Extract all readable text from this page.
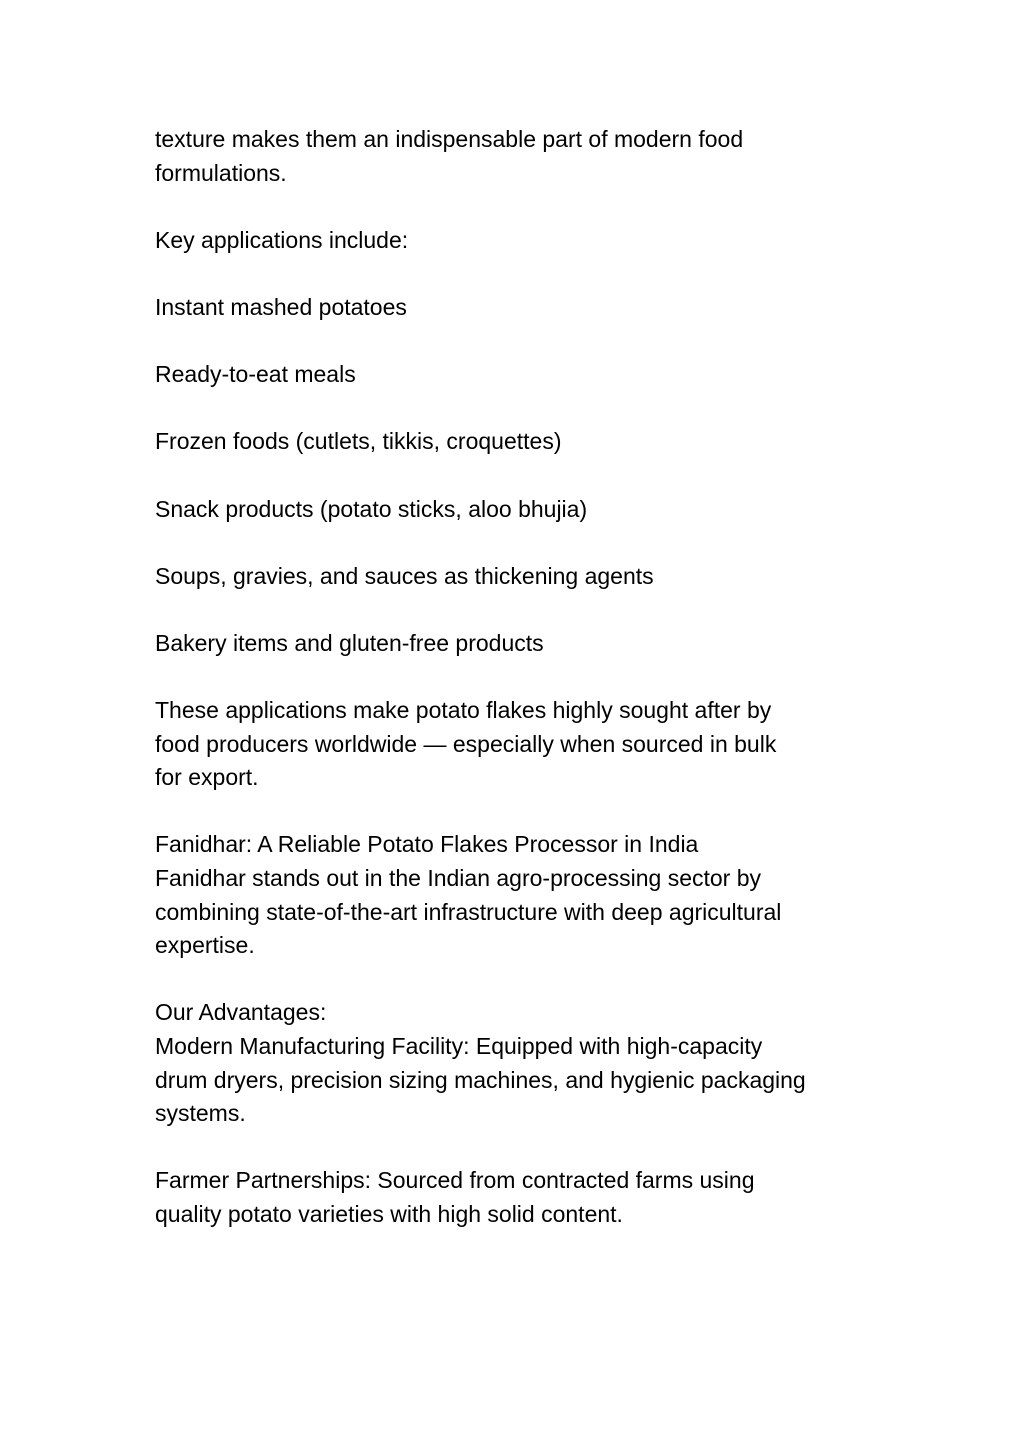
texture makes them an indispensable part of modern food
formulations.

Key applications include:

Instant mashed potatoes

Ready-to-eat meals

Frozen foods (cutlets, tikkis, croquettes)

Snack products (potato sticks, aloo bhujia)

Soups, gravies, and sauces as thickening agents

Bakery items and gluten-free products

These applications make potato flakes highly sought after by
food producers worldwide — especially when sourced in bulk
for export.

Fanidhar: A Reliable Potato Flakes Processor in India
Fanidhar stands out in the Indian agro-processing sector by
combining state-of-the-art infrastructure with deep agricultural
expertise.

Our Advantages:
Modern Manufacturing Facility: Equipped with high-capacity
drum dryers, precision sizing machines, and hygienic packaging
systems.

Farmer Partnerships: Sourced from contracted farms using
quality potato varieties with high solid content.
